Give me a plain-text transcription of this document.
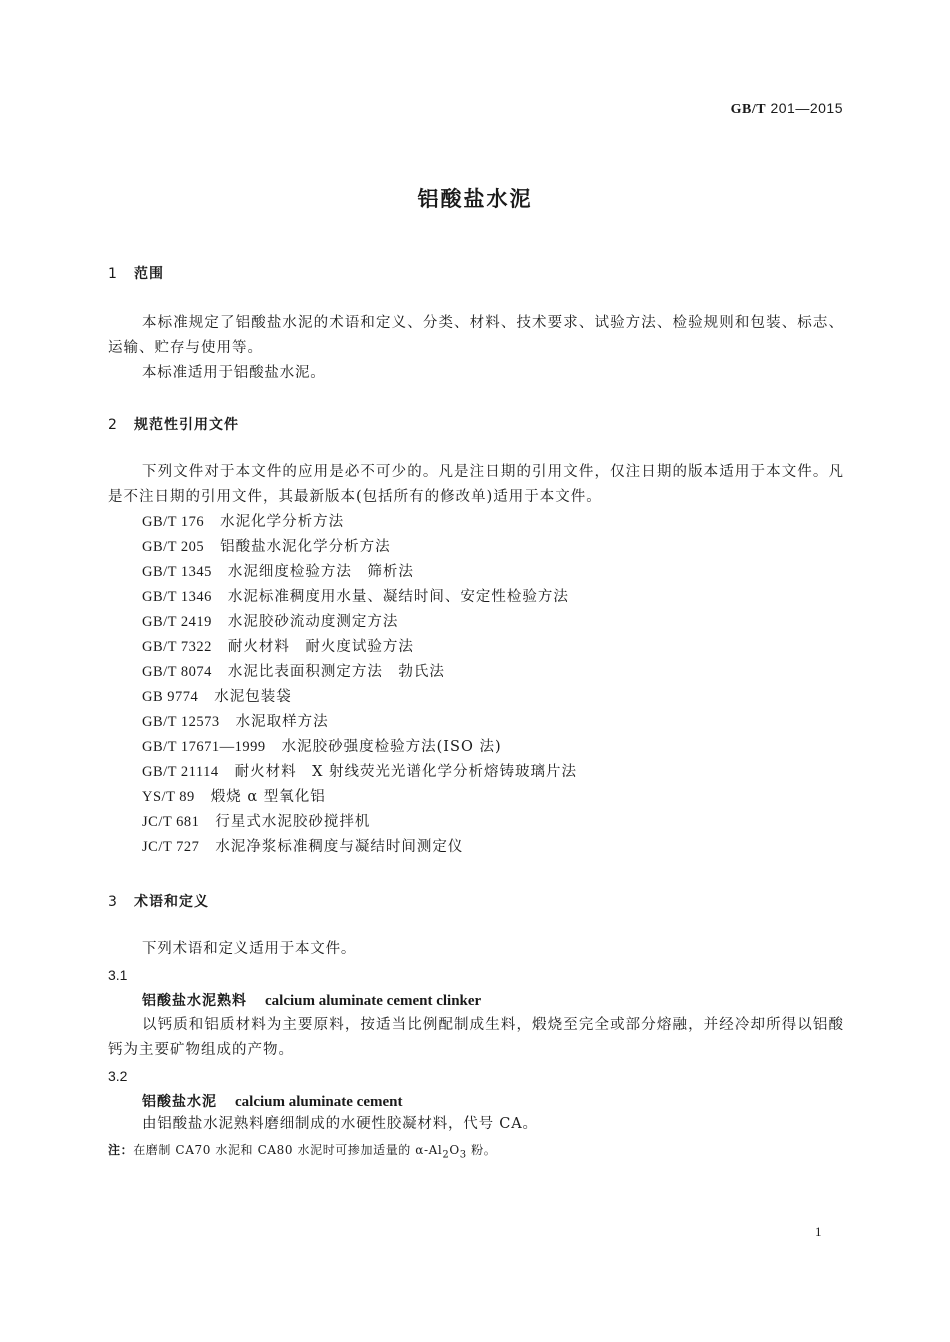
GB/T 201—2015
铝酸盐水泥
1 范围
本标准规定了铝酸盐水泥的术语和定义、分类、材料、技术要求、试验方法、检验规则和包装、标志、运输、贮存与使用等。
本标准适用于铝酸盐水泥。
2 规范性引用文件
下列文件对于本文件的应用是必不可少的。凡是注日期的引用文件，仅注日期的版本适用于本文件。凡是不注日期的引用文件，其最新版本(包括所有的修改单)适用于本文件。
GB/T 176 水泥化学分析方法
GB/T 205 铝酸盐水泥化学分析方法
GB/T 1345 水泥细度检验方法　筛析法
GB/T 1346 水泥标准稠度用水量、凝结时间、安定性检验方法
GB/T 2419 水泥胶砂流动度测定方法
GB/T 7322 耐火材料　耐火度试验方法
GB/T 8074 水泥比表面积测定方法　勃氏法
GB 9774 水泥包装袋
GB/T 12573 水泥取样方法
GB/T 17671—1999 水泥胶砂强度检验方法(ISO 法)
GB/T 21114 耐火材料　X 射线荧光光谱化学分析熔铸玻璃片法
YS/T 89 煅烧 α 型氧化铝
JC/T 681 行星式水泥胶砂搅拌机
JC/T 727 水泥净浆标准稠度与凝结时间测定仪
3 术语和定义
下列术语和定义适用于本文件。
3.1
铝酸盐水泥熟料 calcium aluminate cement clinker
以钙质和铝质材料为主要原料，按适当比例配制成生料，煅烧至完全或部分熔融，并经冷却所得以铝酸钙为主要矿物组成的产物。
3.2
铝酸盐水泥 calcium aluminate cement
由铝酸盐水泥熟料磨细制成的水硬性胶凝材料，代号 CA。
注：在磨制 CA70 水泥和 CA80 水泥时可掺加适量的 $\alpha-Al_2O_3$ 粉。
1
